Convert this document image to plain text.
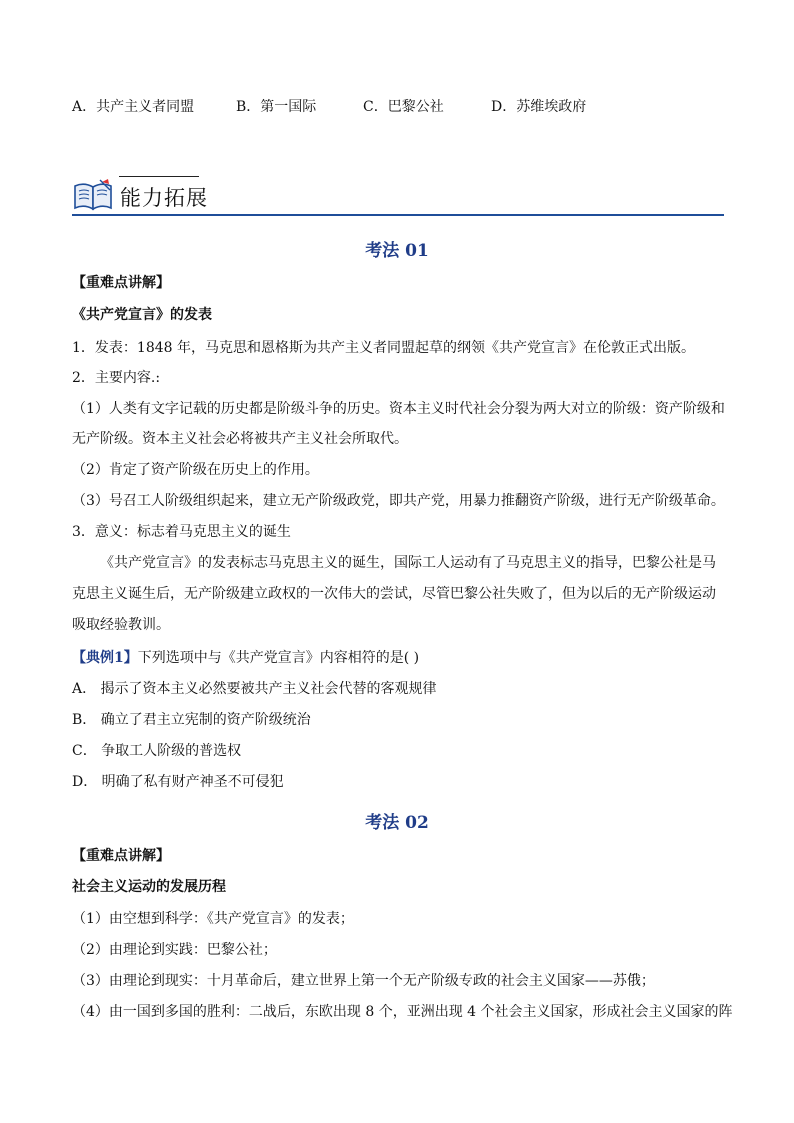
A．共产主义者同盟	B．第一国际	C．巴黎公社	D．苏维埃政府
能力拓展
考法 01
【重难点讲解】
《共产党宣言》的发表
1．发表：1848 年，马克思和恩格斯为共产主义者同盟起草的纲领《共产党宣言》在伦敦正式出版。
2．主要内容.:
（1）人类有文字记载的历史都是阶级斗争的历史。资本主义时代社会分裂为两大对立的阶级：资产阶级和
无产阶级。资本主义社会必将被共产主义社会所取代。
（2）肯定了资产阶级在历史上的作用。
（3）号召工人阶级组织起来，建立无产阶级政党，即共产党，用暴力推翻资产阶级，进行无产阶级革命。
3．意义：标志着马克思主义的诞生
《共产党宣言》的发表标志马克思主义的诞生，国际工人运动有了马克思主义的指导，巴黎公社是马
克思主义诞生后，无产阶级建立政权的一次伟大的尝试，尽管巴黎公社失败了，但为以后的无产阶级运动
吸取经验教训。
【典例1】下列选项中与《共产党宣言》内容相符的是( )
A． 揭示了资本主义必然要被共产主义社会代替的客观规律
B． 确立了君主立宪制的资产阶级统治
C． 争取工人阶级的普选权
D． 明确了私有财产神圣不可侵犯
考法 02
【重难点讲解】
社会主义运动的发展历程
（1）由空想到科学：《共产党宣言》的发表；
（2）由理论到实践：巴黎公社；
（3）由理论到现实：十月革命后，建立世界上第一个无产阶级专政的社会主义国家——苏俄；
（4）由一国到多国的胜利：二战后，东欧出现 8 个，亚洲出现 4 个社会主义国家，形成社会主义国家的阵
